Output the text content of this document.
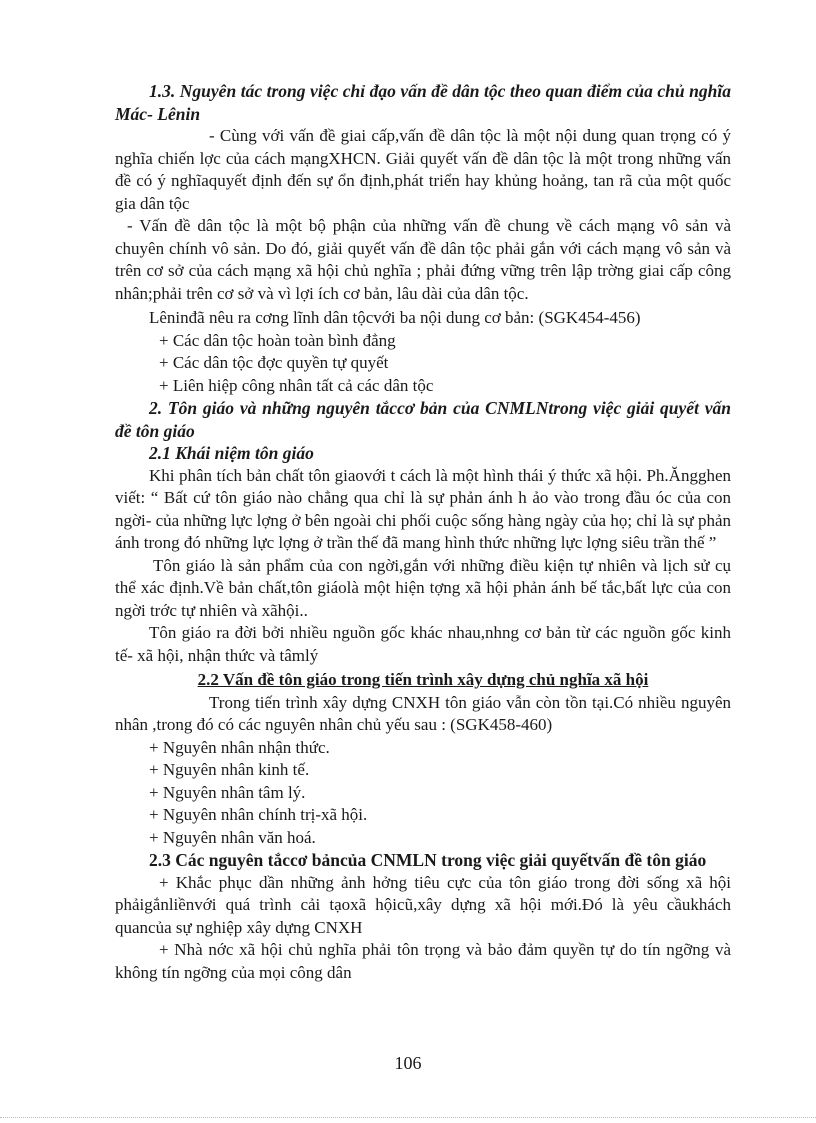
1.3. Nguyên tác trong việc chỉ đạo vấn đề dân tộc theo quan điểm của chủ nghĩa Mác- Lênin

- Cùng với vấn đề giai cấp,vấn đề dân tộc là một nội dung quan trọng có ý nghĩa chiến lợc của cách mạngXHCN. Giải quyết vấn đề dân tộc là một trong những vấn đề có ý nghĩaquyết định đến sự ổn định,phát triển hay khủng hoảng, tan rã của một quốc gia dân tộc

- Vấn đề dân tộc là một bộ phận của những vấn đề chung về cách mạng vô sản và chuyên chính vô sản. Do đó, giải quyết vấn đề dân tộc phải gắn với cách mạng vô sản và trên cơ sở của cách mạng xã hội chủ nghĩa ; phải đứng vững trên lập trờng giai cấp công nhân;phải trên cơ sở và vì lợi ích cơ bản, lâu dài của dân tộc.

Lêninđã nêu ra cơng lĩnh dân tộcvới ba nội dung cơ bản: (SGK454-456)

+ Các dân tộc hoàn toàn bình đẳng

+ Các dân tộc đợc quyền tự quyết

+ Liên hiệp công nhân tất cả các dân tộc

2. Tôn giáo và những nguyên tắccơ bản của CNMLNtrong việc giải quyết vấn đề tôn giáo

2.1 Khái niệm tôn giáo

Khi phân tích bản chất tôn giaovới t cách là một hình thái ý thức xã hội. Ph.Ăngghen viết: “ Bất cứ tôn giáo nào chẳng qua chỉ là sự phản ánh h ảo vào trong đầu óc của con ngời- của những lực lợng ở bên ngoài chi phối cuộc sống hàng ngày của họ; chỉ là sự phản ánh trong đó những lực lợng ở trần thế đã mang hình thức những lực lợng siêu trần thế ”

Tôn giáo là sản phẩm của con ngời,gắn với những điều kiện tự nhiên và lịch sử cụ thể xác định.Về bản chất,tôn giáolà một hiện tợng xã hội phản ánh bế tắc,bất lực của con ngời trớc tự nhiên và xãhội..

Tôn giáo ra đời bởi nhiều nguồn gốc khác nhau,nhng cơ bản từ các nguồn gốc kinh tế- xã hội, nhận thức và tâmlý

2.2 Vấn đề tôn giáo trong tiến trình xây dựng chủ nghĩa xã hội

Trong tiến trình xây dựng CNXH tôn giáo vẫn còn tồn tại.Có nhiều nguyên nhân ,trong đó có các nguyên nhân chủ yếu sau : (SGK458-460)

+ Nguyên nhân nhận thức.

+ Nguyên nhân kinh tế.

+ Nguyên nhân tâm lý.

+ Nguyên nhân chính trị-xã hội.

+ Nguyên nhân văn hoá.

2.3 Các nguyên tắccơ bảncủa CNMLN trong việc giải quyếtvấn đề tôn giáo

+ Khắc phục dần những ảnh hởng tiêu cực của tôn giáo trong đời sống xã hội phảigắnliềnvới quá trình cải tạoxã hộicũ,xây dựng xã hội mới.Đó là yêu cầukhách quancủa sự nghiệp xây dựng CNXH

+ Nhà nớc xã hội chủ nghĩa phải tôn trọng và bảo đảm quyền tự do tín ngỡng và không tín ngỡng của mọi công dân

106
